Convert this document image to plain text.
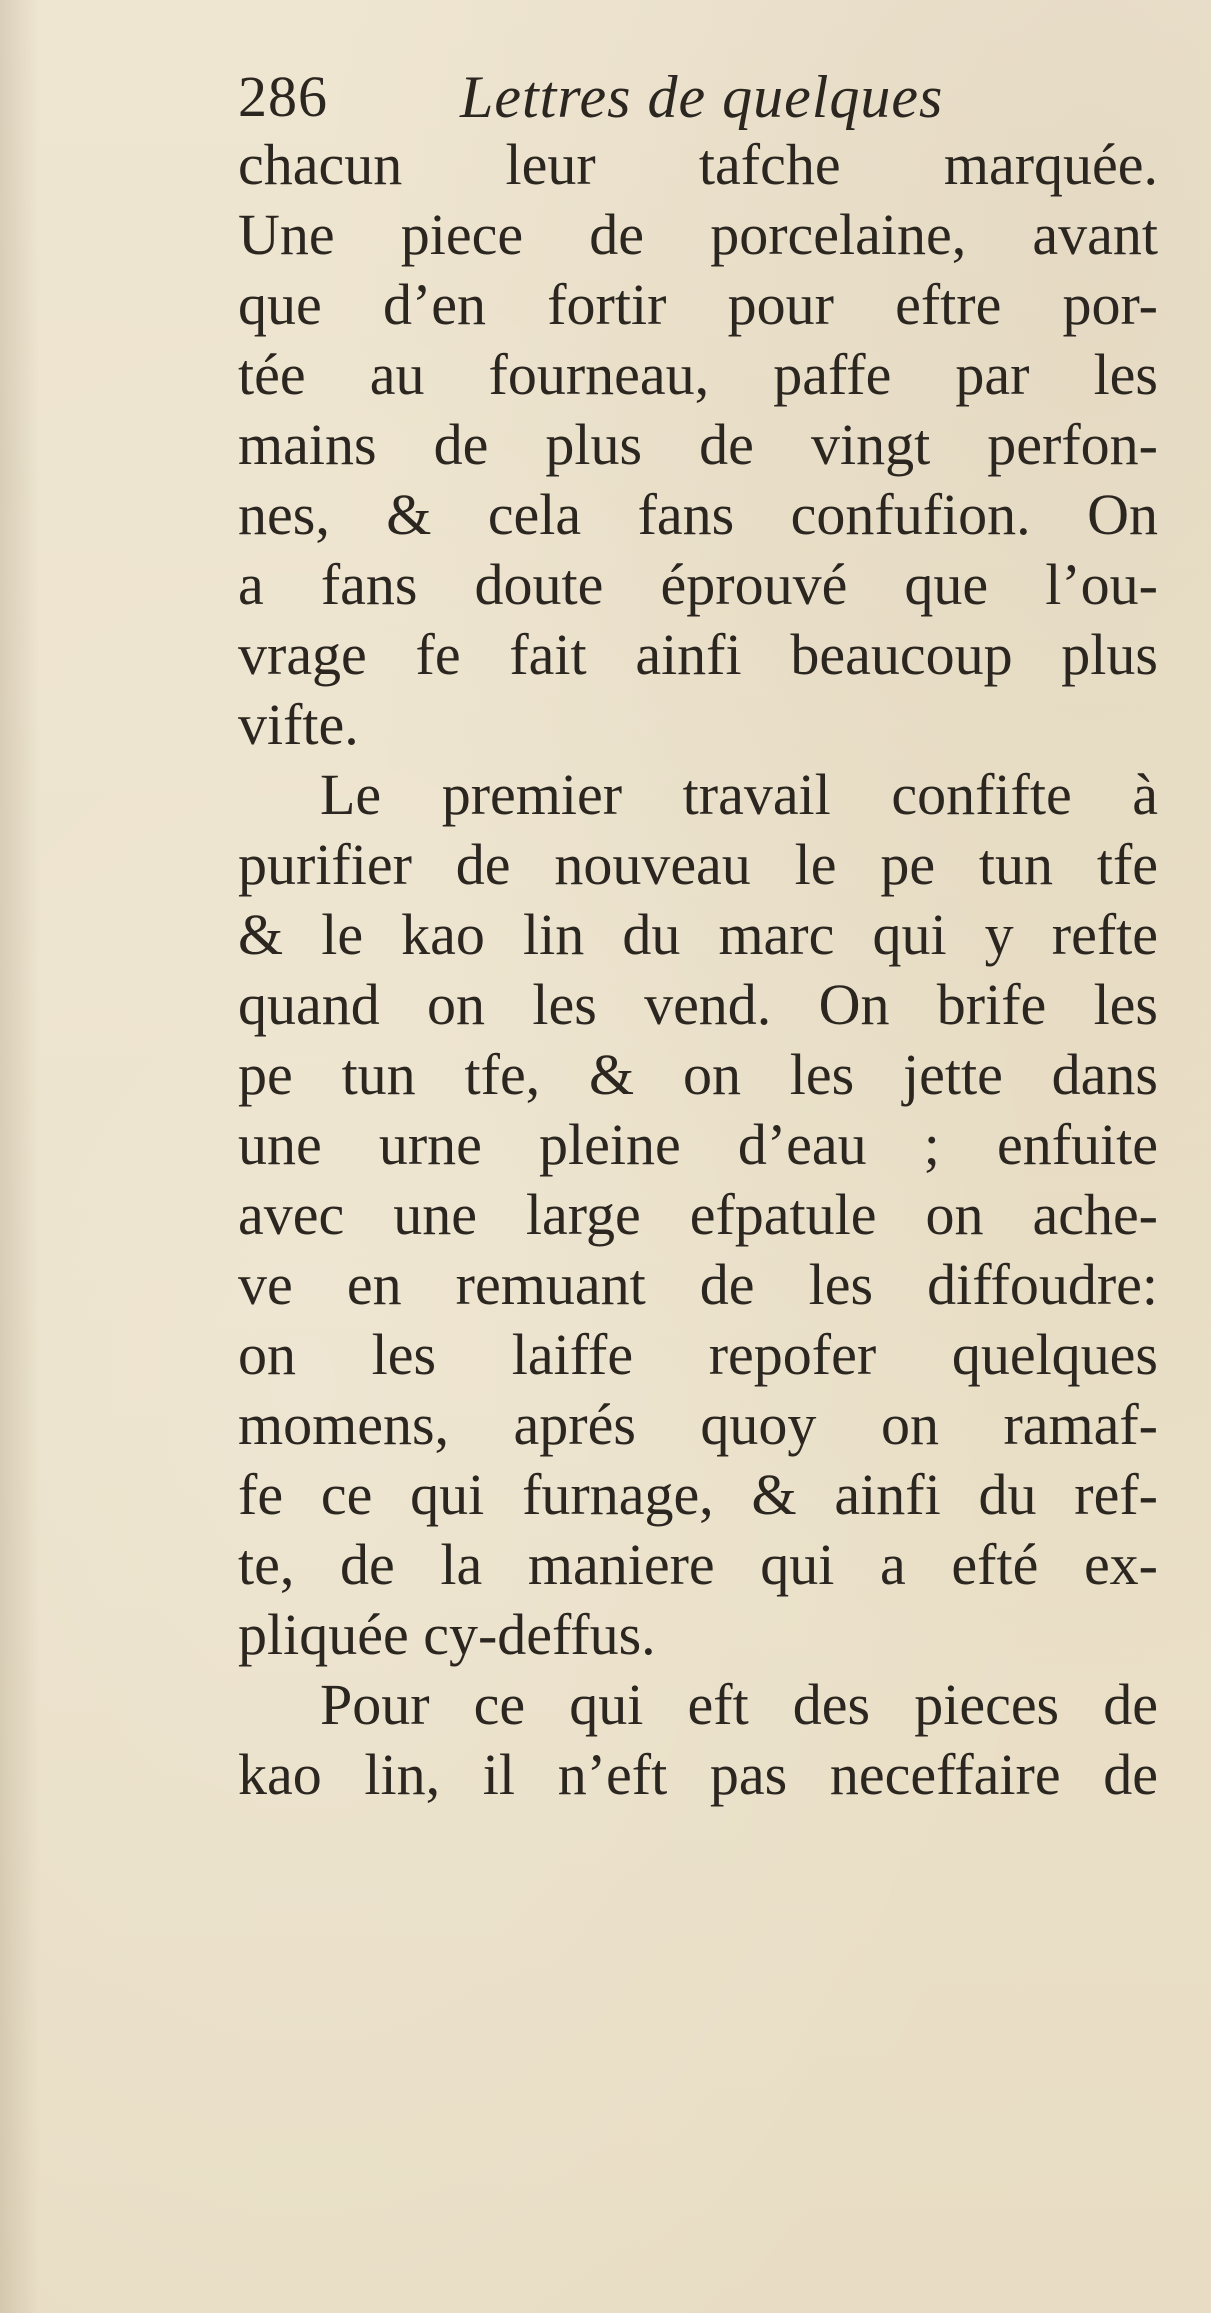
286 Lettres de quelques
chacun leur tafche marquée.
Une piece de porcelaine, avant
que d’en fortir pour eftre por-
tée au fourneau, paffe par les
mains de plus de vingt perfon-
nes, & cela fans confufion. On
a fans doute éprouvé que l’ou-
vrage fe fait ainfi beaucoup plus
vifte.
Le premier travail confifte à
purifier de nouveau le pe tun tfe
& le kao lin du marc qui y refte
quand on les vend. On brife les
pe tun tfe, & on les jette dans
une urne pleine d’eau ; enfuite
avec une large efpatule on ache-
ve en remuant de les diffoudre:
on les laiffe repofer quelques
momens, aprés quoy on ramaf-
fe ce qui furnage, & ainfi du ref-
te, de la maniere qui a efté ex-
pliquée cy-deffus.
Pour ce qui eft des pieces de
kao lin, il n’eft pas neceffaire de
